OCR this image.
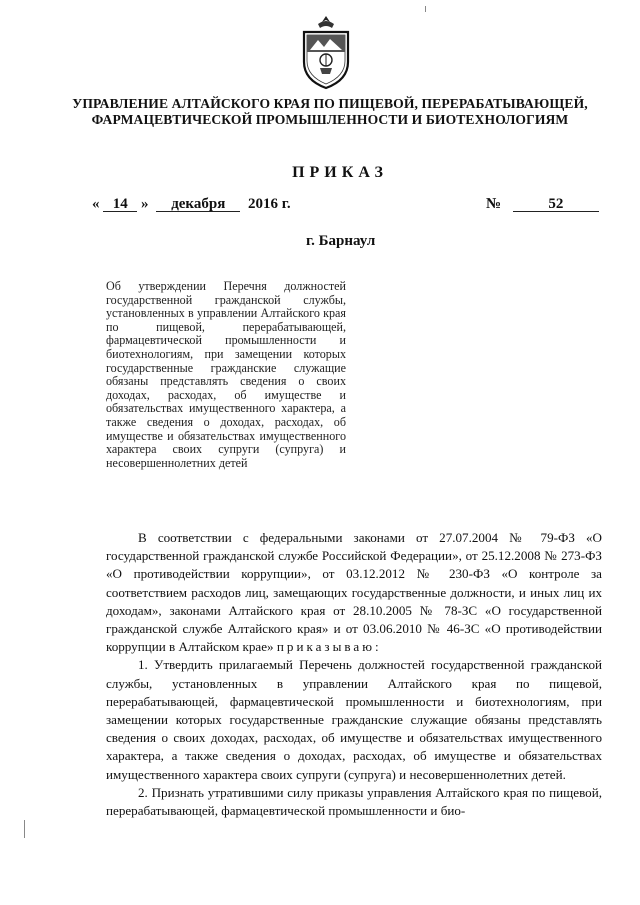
УПРАВЛЕНИЕ АЛТАЙСКОГО КРАЯ ПО ПИЩЕВОЙ, ПЕРЕРАБАТЫВАЮЩЕЙ, ФАРМАЦЕВТИЧЕСКОЙ ПРОМЫШЛЕННОСТИ И БИОТЕХНОЛОГИЯМ
ПРИКАЗ
« 14 » декабря 2016 г.	№	52
г. Барнаул
Об утверждении Перечня должностей государственной гражданской службы, установленных в управлении Алтайского края по пищевой, перерабатывающей, фармацевтической промышленности и биотехнологиям, при замещении которых государственные гражданские служащие обязаны представлять сведения о своих доходах, расходах, об имуществе и обязательствах имущественного характера, а также сведения о доходах, расходах, об имуществе и обязательствах имущественного характера своих супруги (супруга) и несовершеннолетних детей

В соответствии с федеральными законами от 27.07.2004 № 79-ФЗ «О государственной гражданской службе Российской Федерации», от 25.12.2008 № 273-ФЗ «О противодействии коррупции», от 03.12.2012 № 230-ФЗ «О контроле за соответствием расходов лиц, замещающих государственные должности, и иных лиц их доходам», законами Алтайского края от 28.10.2005 № 78-ЗС «О государственной гражданской службе Алтайского края» и от 03.06.2010 № 46-ЗС «О противодействии коррупции в Алтайском крае» приказываю:

1. Утвердить прилагаемый Перечень должностей государственной гражданской службы, установленных в управлении Алтайского края по пищевой, перерабатывающей, фармацевтической промышленности и биотехнологиям, при замещении которых государственные гражданские служащие обязаны представлять сведения о своих доходах, расходах, об имуществе и обязательствах имущественного характера, а также сведения о доходах, расходах, об имуществе и обязательствах имущественного характера своих супруги (супруга) и несовершеннолетних детей.

2. Признать утратившими силу приказы управления Алтайского края по пищевой, перерабатывающей, фармацевтической промышленности и био-
